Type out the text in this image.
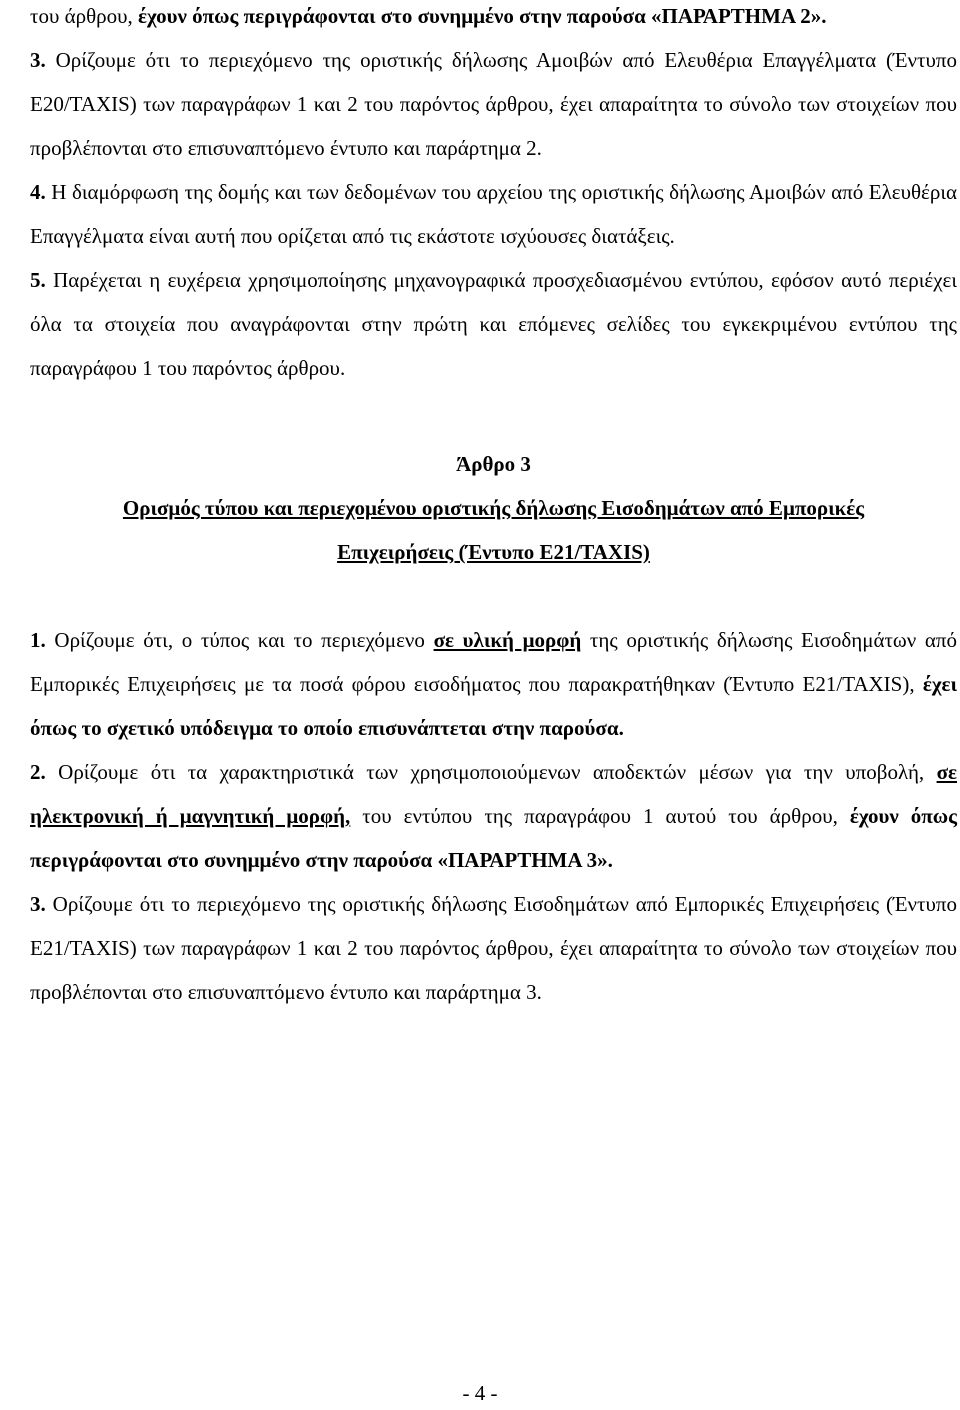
του άρθρου, έχουν όπως περιγράφονται στο συνημμένο στην παρούσα «ΠΑΡΑΡΤΗΜΑ 2».

3. Ορίζουμε ότι το περιεχόμενο της οριστικής δήλωσης Αμοιβών από Ελευθέρια Επαγγέλματα (Έντυπο Ε20/TAXIS) των παραγράφων 1 και 2 του παρόντος άρθρου, έχει απαραίτητα το σύνολο των στοιχείων που προβλέπονται στο επισυναπτόμενο έντυπο και παράρτημα 2.

4. Η διαμόρφωση της δομής και των δεδομένων του αρχείου της οριστικής δήλωσης Αμοιβών από Ελευθέρια Επαγγέλματα είναι αυτή που ορίζεται από τις εκάστοτε ισχύουσες διατάξεις.

5. Παρέχεται η ευχέρεια χρησιμοποίησης μηχανογραφικά προσχεδιασμένου εντύπου, εφόσον αυτό περιέχει όλα τα στοιχεία που αναγράφονται στην πρώτη και επόμενες σελίδες του εγκεκριμένου εντύπου της παραγράφου 1 του παρόντος άρθρου.

Άρθρο 3

Ορισμός τύπου και περιεχομένου οριστικής δήλωσης Εισοδημάτων από Εμπορικές

Επιχειρήσεις (Έντυπο Ε21/TAXIS)

1. Ορίζουμε ότι, ο τύπος και το περιεχόμενο σε υλική μορφή της οριστικής δήλωσης Εισοδημάτων από Εμπορικές Επιχειρήσεις με τα ποσά φόρου εισοδήματος που παρακρατήθηκαν (Έντυπο Ε21/TAXIS), έχει όπως το σχετικό υπόδειγμα το οποίο επισυνάπτεται στην παρούσα.

2. Ορίζουμε ότι τα χαρακτηριστικά των χρησιμοποιούμενων αποδεκτών μέσων για την υποβολή, σε ηλεκτρονική ή μαγνητική μορφή, του εντύπου της παραγράφου 1 αυτού του άρθρου, έχουν όπως περιγράφονται στο συνημμένο στην παρούσα «ΠΑΡΑΡΤΗΜΑ 3».

3. Ορίζουμε ότι το περιεχόμενο της οριστικής δήλωσης Εισοδημάτων από Εμπορικές Επιχειρήσεις (Έντυπο Ε21/TAXIS) των παραγράφων 1 και 2 του παρόντος άρθρου, έχει απαραίτητα το σύνολο των στοιχείων που προβλέπονται στο επισυναπτόμενο έντυπο και παράρτημα 3.

- 4 -
